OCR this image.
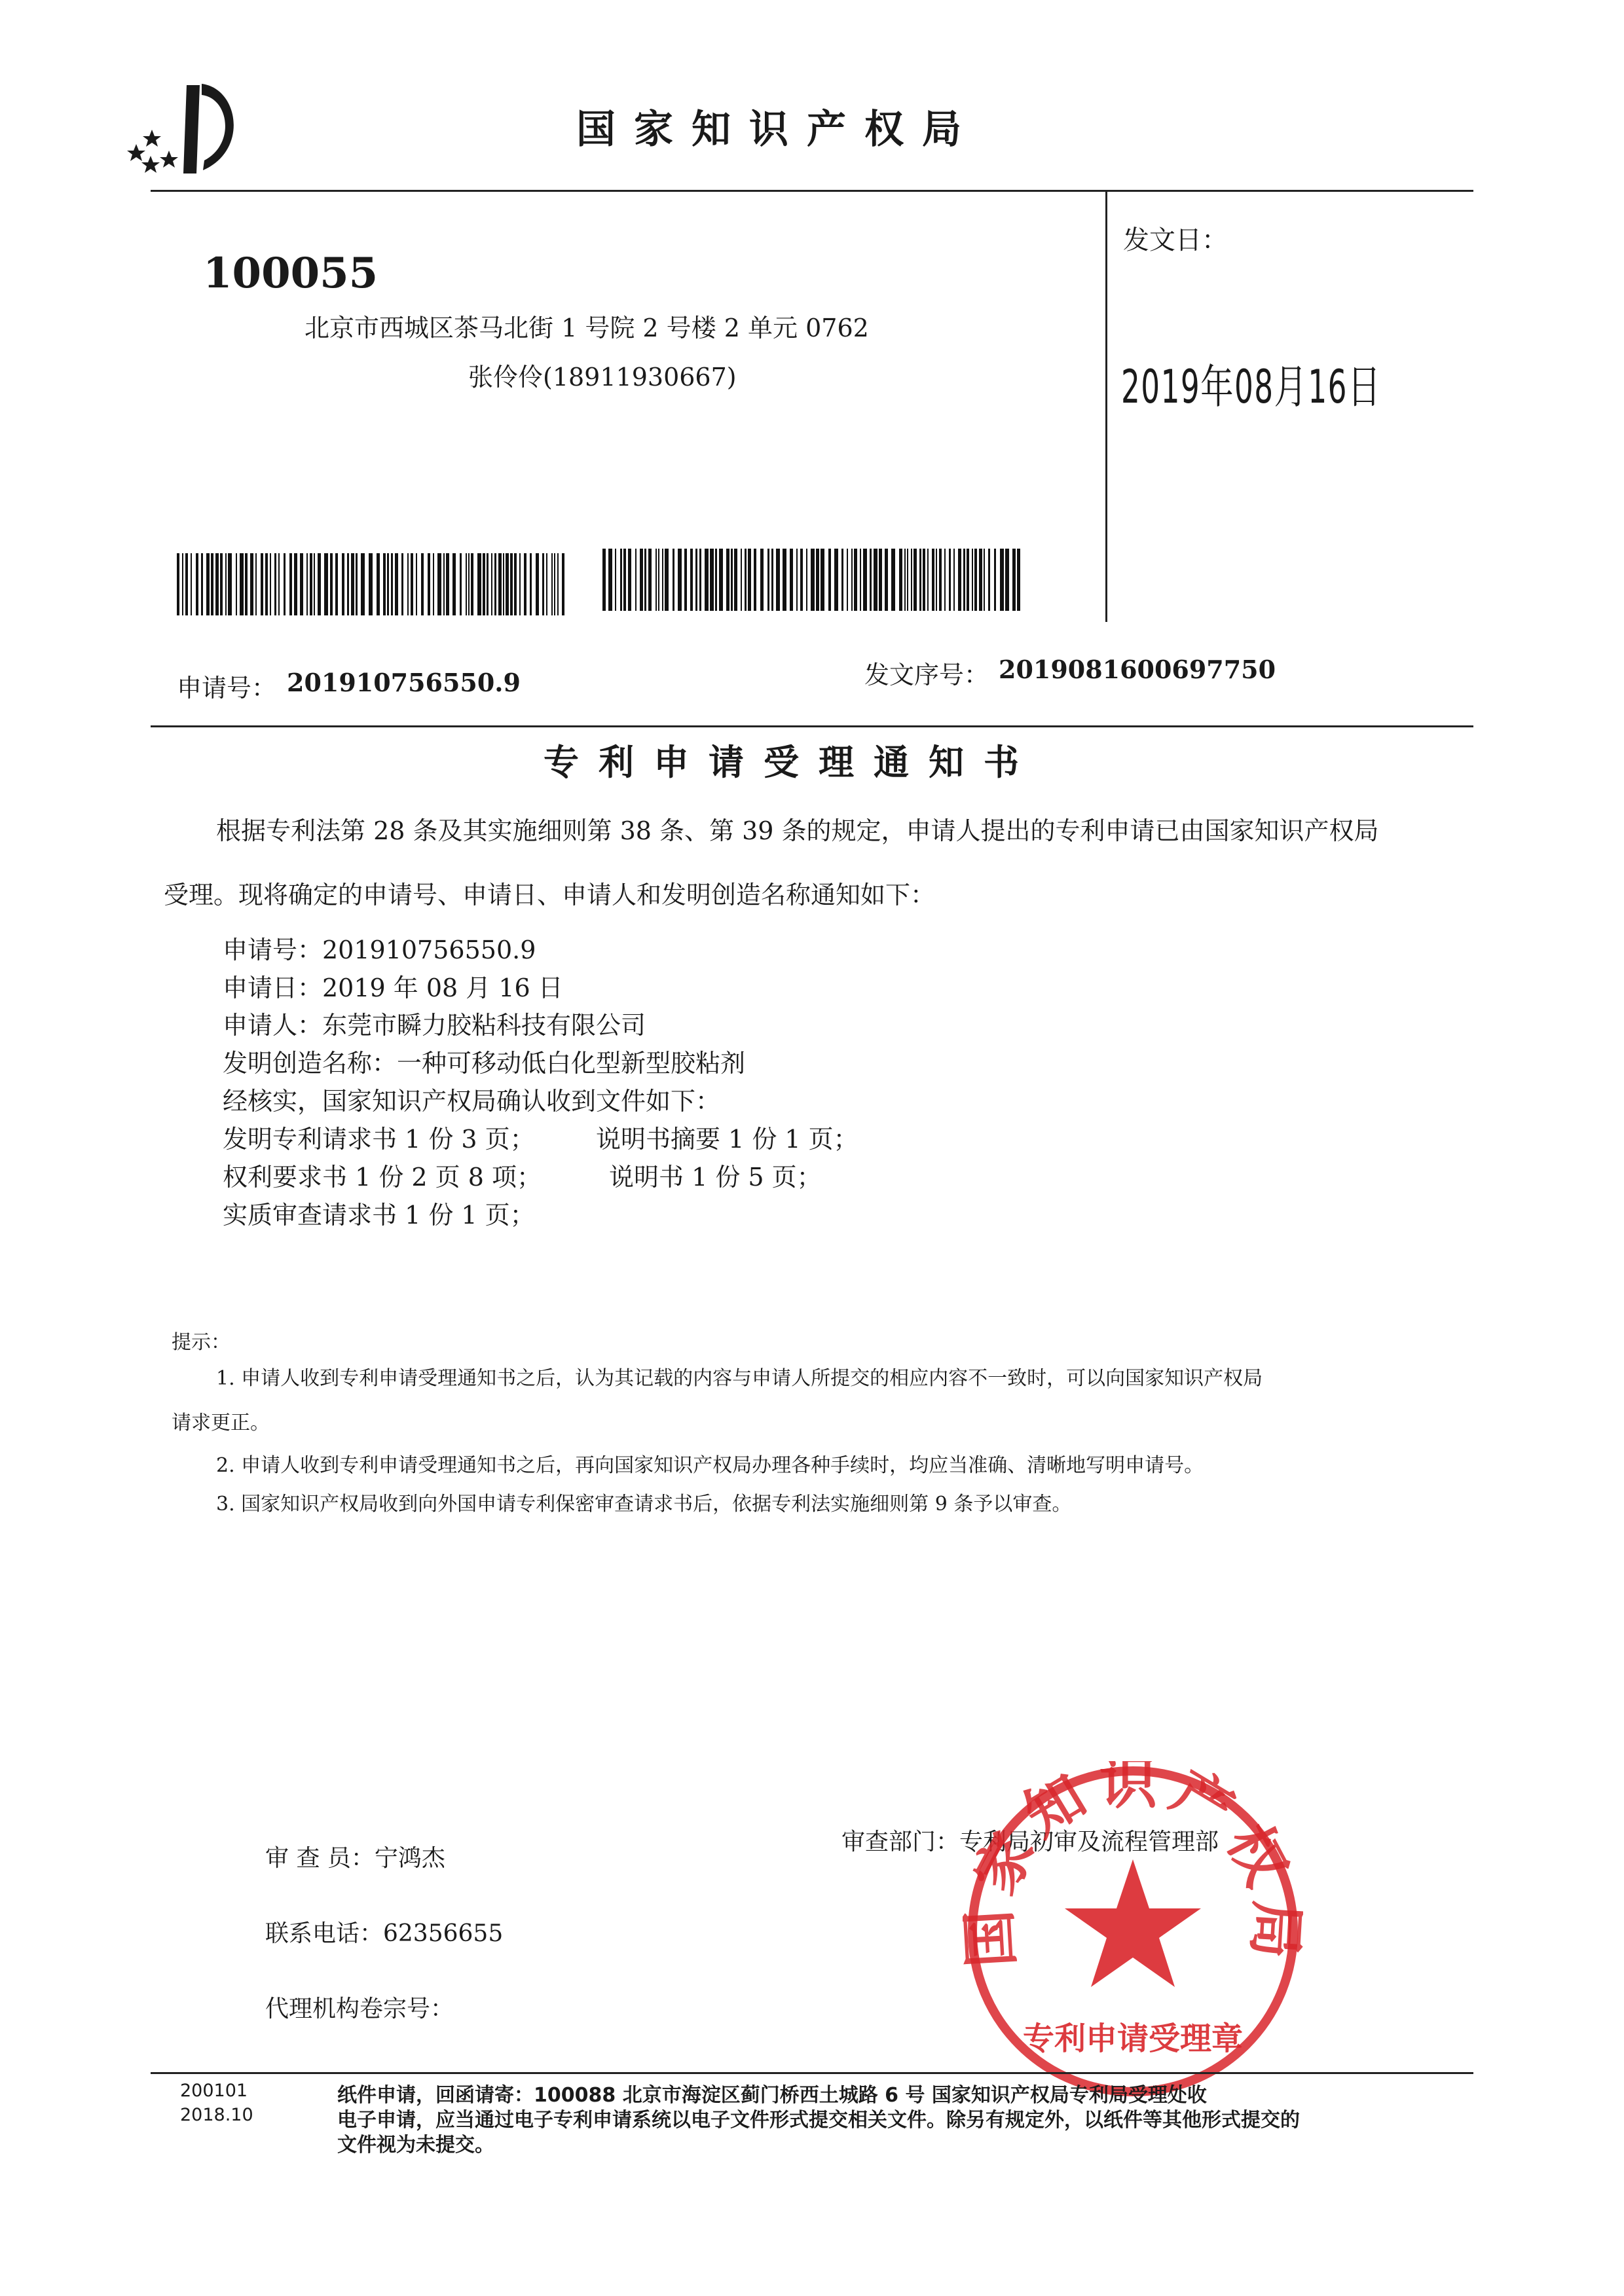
国家知识产权局
100055
北京市西城区茶马北街 1 号院 2 号楼 2 单元 0762
张伶伶(18911930667)
发文日：
2019年08月16日
申请号： 201910756550.9	发文序号： 2019081600697750
专利申请受理通知书
根据专利法第 28 条及其实施细则第 38 条、第 39 条的规定，申请人提出的专利申请已由国家知识产权局
受理。现将确定的申请号、申请日、申请人和发明创造名称通知如下：
申请号：201910756550.9
申请日：2019 年 08 月 16 日
申请人：东莞市瞬力胶粘科技有限公司
发明创造名称：一种可移动低白化型新型胶粘剂
经核实，国家知识产权局确认收到文件如下：
发明专利请求书 1 份 3 页； 说明书摘要 1 份 1 页；
权利要求书 1 份 2 页 8 项；	说明书 1 份 5 页；
实质审查请求书 1 份 1 页；
提示：
1. 申请人收到专利申请受理通知书之后，认为其记载的内容与申请人所提交的相应内容不一致时，可以向国家知识产权局
请求更正。
2. 申请人收到专利申请受理通知书之后，再向国家知识产权局办理各种手续时，均应当准确、清晰地写明申请号。
3. 国家知识产权局收到向外国申请专利保密审查请求书后，依据专利法实施细则第 9 条予以审查。
审 查 员：宁鸿杰
联系电话：62356655
代理机构卷宗号：
审查部门：专利局初审及流程管理部
家知识产权
专利申请受理章
200101
2018.10
纸件申请，回函请寄：100088 北京市海淀区蓟门桥西土城路 6 号 国家知识产权局专利局受理处收
电子申请，应当通过电子专利申请系统以电子文件形式提交相关文件。除另有规定外，以纸件等其他形式提交的
文件视为未提交。
